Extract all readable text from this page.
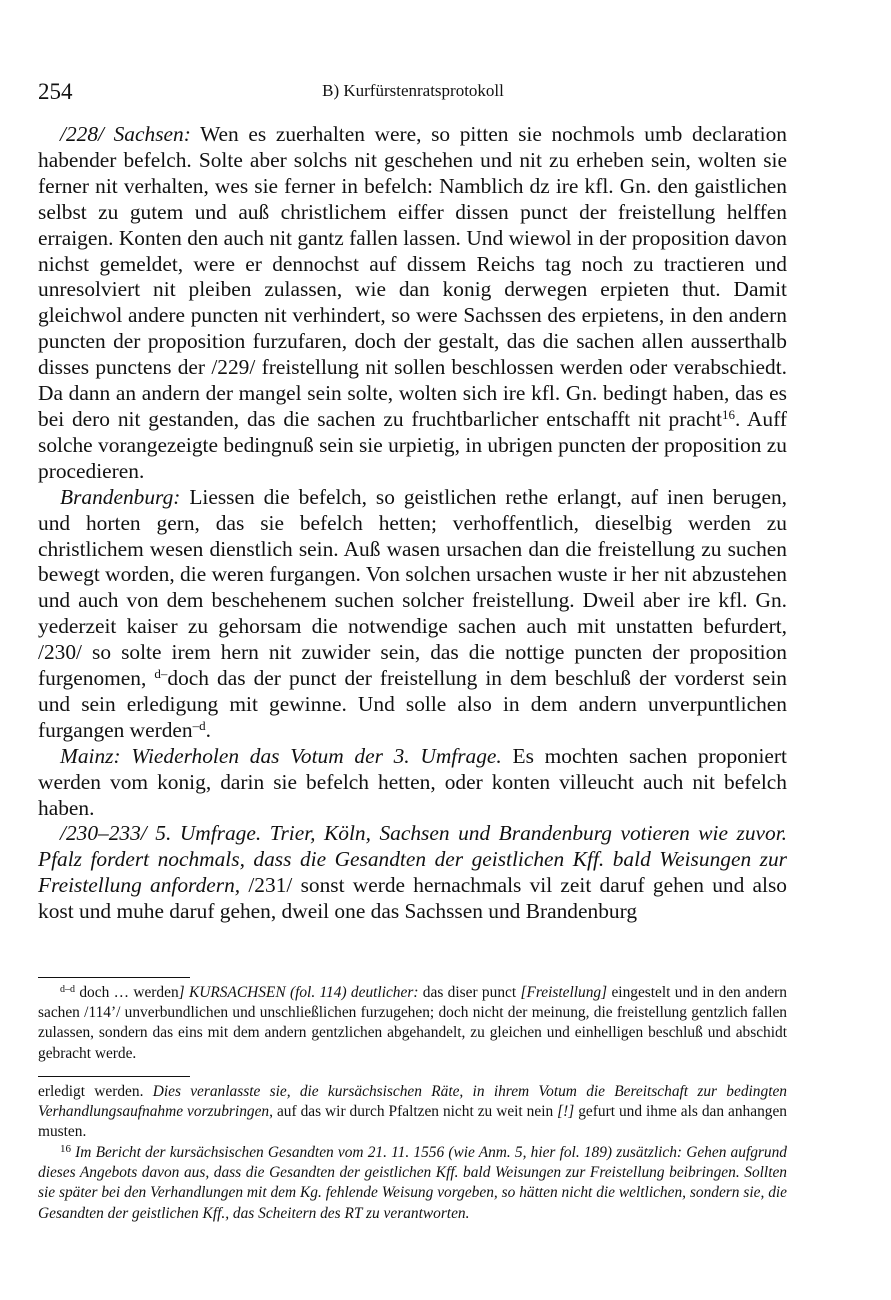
254	B) Kurfürstenratsprotokoll

/228/ Sachsen: Wen es zuerhalten were, so pitten sie nochmols umb declaration habender befelch. Solte aber solchs nit geschehen und nit zu erheben sein, wolten sie ferner nit verhalten, wes sie ferner in befelch: Namblich dz ire kfl. Gn. den gaistlichen selbst zu gutem und auß christlichem eiffer dissen punct der freistellung helffen erraigen. Konten den auch nit gantz fallen lassen. Und wiewol in der proposition davon nichst gemeldet, were er dennochst auf dissem Reichs tag noch zu tractieren und unresolviert nit pleiben zulassen, wie dan konig derwegen erpieten thut. Damit gleichwol andere puncten nit verhindert, so were Sachssen des erpietens, in den andern puncten der proposition furzufaren, doch der gestalt, das die sachen allen ausserthalb disses punctens der /229/ freistellung nit sollen beschlossen werden oder verabschiedt. Da dann an andern der mangel sein solte, wolten sich ire kfl. Gn. bedingt haben, das es bei dero nit gestanden, das die sachen zu fruchtbarlicher entschafft nit pracht$^{16}$. Auff solche vorangezeigte bedingnuß sein sie urpietig, in ubrigen puncten der proposition zu procedieren.

Brandenburg: Liessen die befelch, so geistlichen rethe erlangt, auf inen berugen, und horten gern, das sie befelch hetten; verhoffentlich, dieselbig werden zu christlichem wesen dienstlich sein. Auß wasen ursachen dan die freistellung zu suchen bewegt worden, die weren furgangen. Von solchen ursachen wuste ir her nit abzustehen und auch von dem beschehenem suchen solcher freistellung. Dweil aber ire kfl. Gn. yederzeit kaiser zu gehorsam die notwendige sachen auch mit unstatten befurdert, /230/ so solte irem hern nit zuwider sein, das die nottige puncten der proposition furgenomen, $^{d-}$doch das der punct der freistellung in dem beschluß der vorderst sein und sein erledigung mit gewinne. Und solle also in dem andern unverpuntlichen furgangen werden$^{-d}$.

Mainz: Wiederholen das Votum der 3. Umfrage. Es mochten sachen proponiert werden vom konig, darin sie befelch hetten, oder konten villeucht auch nit befelch haben.

/230–233/ 5. Umfrage. Trier, Köln, Sachsen und Brandenburg votieren wie zuvor. Pfalz fordert nochmals, dass die Gesandten der geistlichen Kff. bald Weisungen zur Freistellung anfordern, /231/ sonst werde hernachmals vil zeit daruf gehen und also kost und muhe daruf gehen, dweil one das Sachssen und Brandenburg

$^{d-d}$ doch … werden] KURSACHSEN (fol. 114) deutlicher: das diser punct [Freistellung] eingestelt und in den andern sachen /114’/ unverbundlichen und unschließlichen furzugehen; doch nicht der meinung, die freistellung gentzlich fallen zulassen, sondern das eins mit dem andern gentzlichen abgehandelt, zu gleichen und einhelligen beschluß und abschidt gebracht werde.

erledigt werden. Dies veranlasste sie, die kursächsischen Räte, in ihrem Votum die Bereitschaft zur bedingten Verhandlungsaufnahme vorzubringen, auf das wir durch Pfaltzen nicht zu weit nein [!] gefurt und ihme als dan anhangen musten.

$^{16}$ Im Bericht der kursächsischen Gesandten vom 21. 11. 1556 (wie Anm. 5, hier fol. 189) zusätzlich: Gehen aufgrund dieses Angebots davon aus, dass die Gesandten der geistlichen Kff. bald Weisungen zur Freistellung beibringen. Sollten sie später bei den Verhandlungen mit dem Kg. fehlende Weisung vorgeben, so hätten nicht die weltlichen, sondern sie, die Gesandten der geistlichen Kff., das Scheitern des RT zu verantworten.
